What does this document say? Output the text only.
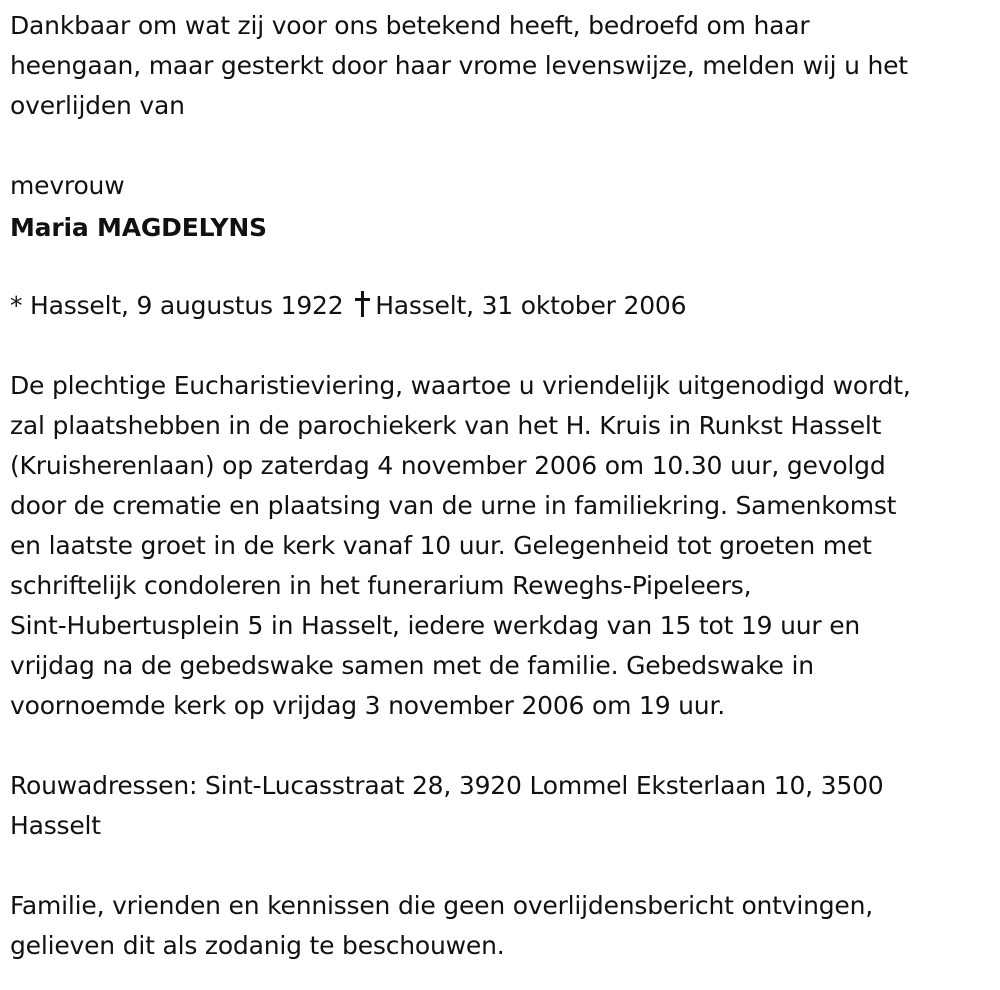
Dankbaar om wat zij voor ons betekend heeft, bedroefd om haar
heengaan, maar gesterkt door haar vrome levenswijze, melden wij u het
overlijden van

mevrouw

Maria MAGDELYNS

* Hasselt, 9 augustus 1922 Hasselt, 31 oktober 2006

De plechtige Eucharistieviering, waartoe u vriendelijk uitgenodigd wordt,
zal plaatshebben in de parochiekerk van het H. Kruis in Runkst Hasselt
(Kruisherenlaan) op zaterdag 4 november 2006 om 10.30 uur, gevolgd
door de crematie en plaatsing van de urne in familiekring. Samenkomst
en laatste groet in de kerk vanaf 10 uur. Gelegenheid tot groeten met
schriftelijk condoleren in het funerarium Reweghs-Pipeleers,
Sint-Hubertusplein 5 in Hasselt, iedere werkdag van 15 tot 19 uur en
vrijdag na de gebedswake samen met de familie. Gebedswake in
voornoemde kerk op vrijdag 3 november 2006 om 19 uur.

Rouwadressen: Sint-Lucasstraat 28, 3920 Lommel Eksterlaan 10, 3500
Hasselt

Familie, vrienden en kennissen die geen overlijdensbericht ontvingen,
gelieven dit als zodanig te beschouwen.
